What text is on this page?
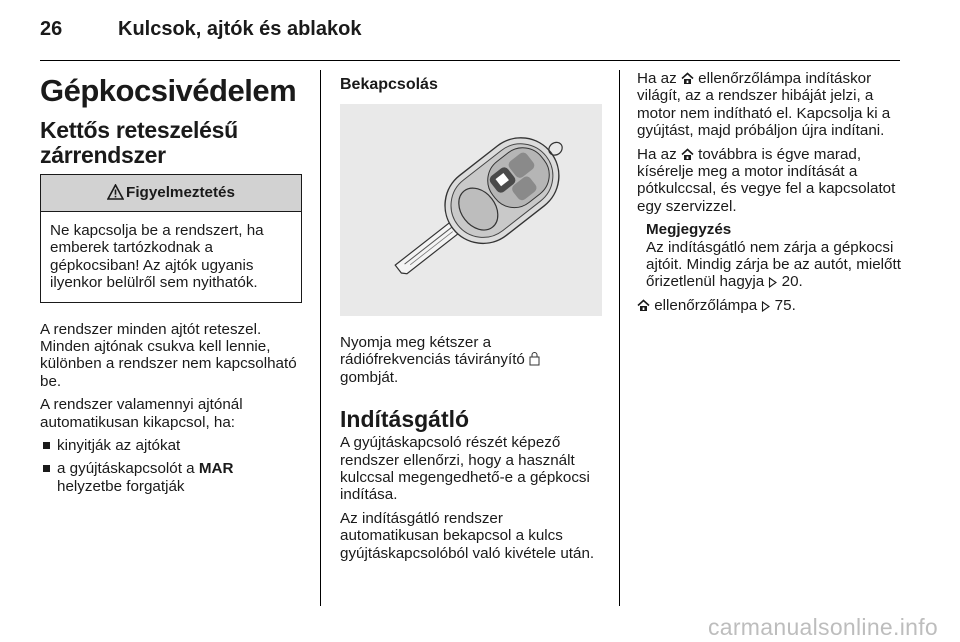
26	Kulcsok, ajtók és ablakok
Gépkocsivédelem
Kettős reteszelésű zárrendszer
Figyelmeztetés
Ne kapcsolja be a rendszert, ha emberek tartózkodnak a gépkocsiban! Az ajtók ugyanis ilyenkor belülről sem nyithatók.

A rendszer minden ajtót reteszel. Minden ajtónak csukva kell lennie, különben a rendszer nem kapcsolható be.

A rendszer valamennyi ajtónál automatikusan kikapcsol, ha:

kinyitják az ajtókat
a gyújtáskapcsolót a MAR helyzetbe forgatják
Bekapcsolás

Nyomja meg kétszer a rádiófrekvenciás távirányító  gombját.

Indításgátló

A gyújtáskapcsoló részét képező rendszer ellenőrzi, hogy a használt kulccsal megengedhető-e a gépkocsi indítása.

Az indításgátló rendszer automatikusan bekapcsol a kulcs gyújtáskapcsolóból való kivétele után.

Ha az  ellenőrzőlámpa indításkor világít, az a rendszer hibáját jelzi, a motor nem indítható el. Kapcsolja ki a gyújtást, majd próbáljon újra indítani.

Ha az  továbbra is égve marad, kísérelje meg a motor indítását a pótkulccsal, és vegye fel a kapcsolatot egy szervizzel.

Megjegyzés
Az indításgátló nem zárja a gépkocsi ajtóit. Mindig zárja be az autót, mielőtt őrizetlenül hagyja  20.

ellenőrzőlámpa  75.

carmanualsonline.info
